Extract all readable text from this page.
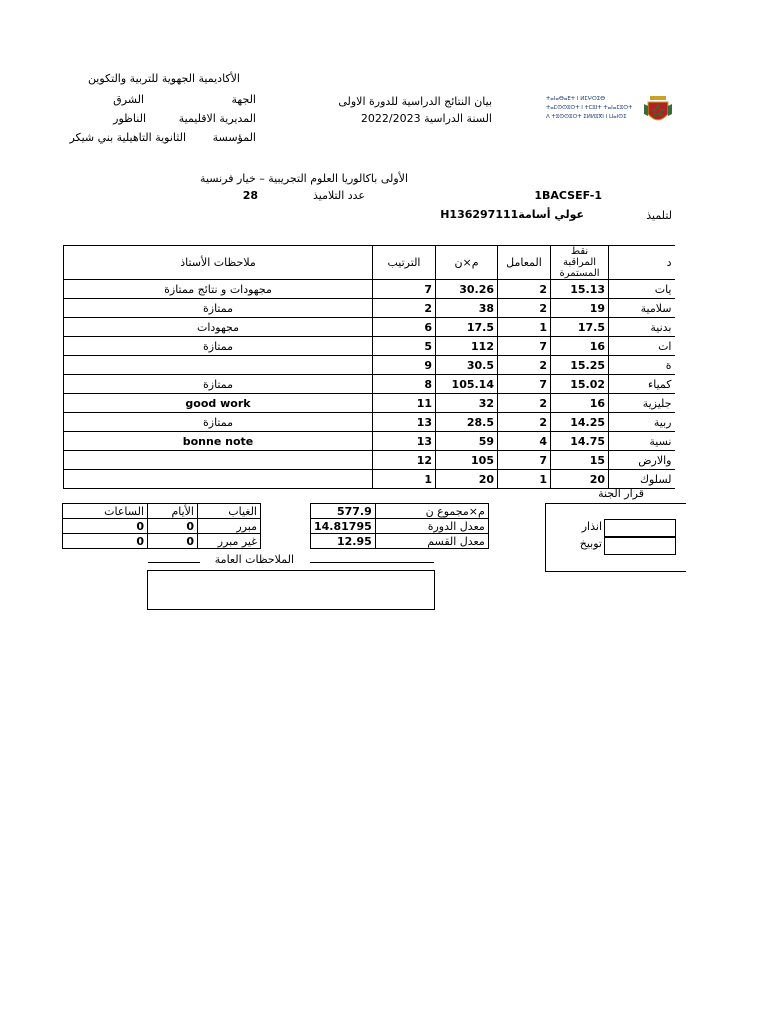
الأكاديمية الجهوية للتربية والتكوين
الجهة
الشرق
المديرية الاقليمية
الناظور
المؤسسة
الثانوية التاهيلية بني شيكر
بيان النتائج الدراسية للدورة الاولى
السنة الدراسية 2022/2023
ⵜⴰⵏⴰⴱⴰⴹⵜ ⵏ ⵍⵎⵖⵔⵉⴱ
ⵜⴰⵎⵙⵙⵓⵔⵜ ⵏ ⵜⵎⵓⵏⵜ ⵜⴰⵏⴰⵎⵓⵔⵜ
ⴷ ⵜⵓⵙⵙⵓⵔⵜ ⵉⵍⵍⵓⴳⵏ ⵏ ⵡⴰⵏⵙⵉ
الأولى باكالوريا العلوم التجريبية – خيار فرنسية
1BACSEF-1
عدد التلاميذ
28
لتلميذ
H136297111عولي أسامة
ملاحظات الأستاذ	الترتيب	م×ن	المعامل	نقط المراقبة المستمرة	د
مجهودات و نتائج ممتازة	7	30.26	2	15.13	يات
ممتازة	2	38	2	19	سلامية
مجهودات	6	17.5	1	17.5	بدنية
ممتازة	5	112	7	16	ات
	9	30.5	2	15.25	ة
ممتازة	8	105.14	7	15.02	كمياء
good work	11	32	2	16	جليزية
ممتازة	13	28.5	2	14.25	ربية
bonne note	13	59	4	14.75	نسية
	12	105	7	15	والارض
	1	20	1	20	لسلوك
قرار الجنة
الساعات	الأيام	الغياب
0	0	مبرر
0	0	غير مبرر
577.9	م×مجموع ن
14.81795	معدل الدورة
12.95	معدل القسم
انذار
توبيخ
الملاحظات العامة
